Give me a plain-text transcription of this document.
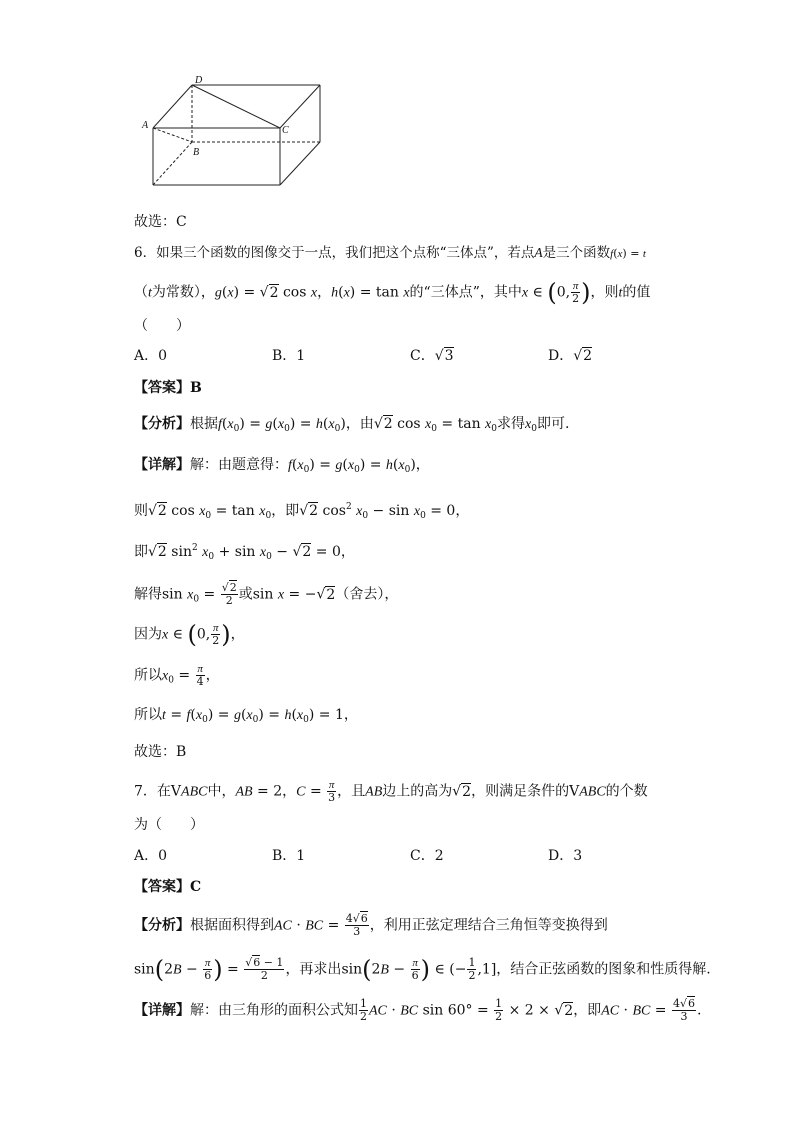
D
A	C
B
故选：C
6．如果三个函数的图像交于一点，我们把这个点称“三体点”，若点A是三个函数f(x) = t
（t为常数），g(x) = √2 cos x，h(x) = tan x的“三体点”，其中x ∈ (0, $\frac{\pi}{2}$ )，则t的值
（　　）
A．0	B．1	C．√3	D．√2
【答案】B
【分析】根据$f(x_0) = g(x_0) = h(x_0)$，由√2 $\cos x_0 = \tan x_0$求得$x_0$即可.
【详解】解：由题意得：$f(x_0) = g(x_0) = h(x_0)$，
则√2 $\cos x_0 = \tan x_0$，即√2 $\cos^2 x_0 - \sin x_0 = 0$，
即√2 $\sin^2 x_0 + \sin x_0 - √2 = 0$，
解得$\sin x_0 = \frac{√2}{2}$ 或sin x = −√2（舍去），
因为x ∈ (0, $\frac{\pi}{2}$ )，
所以$x_0 = \frac{\pi}{4}$ ，
所以$t = f(x_0) = g(x_0) = h(x_0) = 1$，
故选：B
7．在VABC中，AB = 2，$C = \frac{\pi}{3}$ ，且AB边上的高为√2，则满足条件的VABC的个数
为（　　）
A．0	B．1	C．2	D．3
【答案】C
【分析】根据面积得到AC · BC = $\frac{4√6}{3}$ ，利用正弦定理结合三角恒等变换得到
$\sin(2B - \frac{\pi}{6}$ ) = $\frac{√6 - 1}{2}$ ，再求出$\sin(2B - \frac{\pi}{6}$ ) ∈ (− $\frac{1}{2} ,1$]，结合正弦函数的图象和性质得解.
【详解】解：由三角形的面积公式知 $\frac{1}{2}$ AC · BC $\sin 60^\circ = \frac{1}{2} \times 2 \times √2$，即AC · BC = $\frac{4√6}{3}$ .
